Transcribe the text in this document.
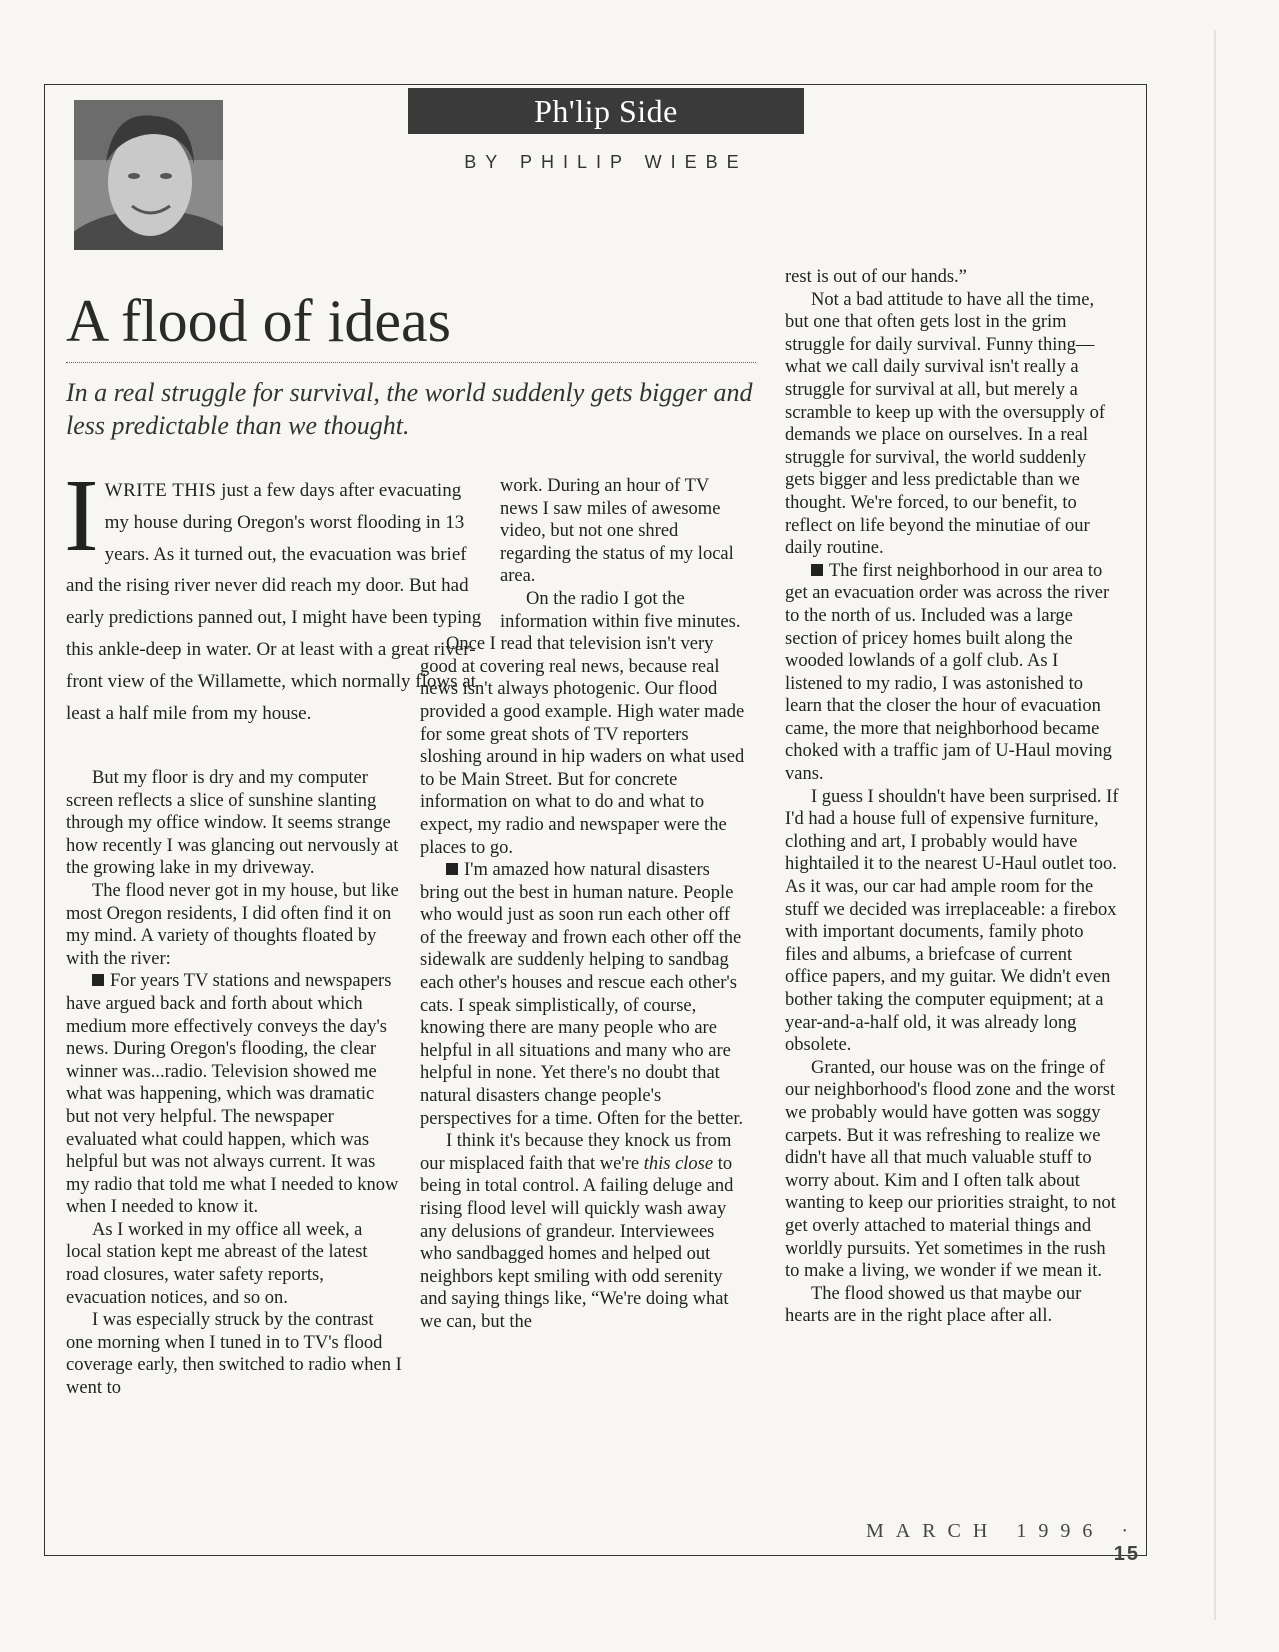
Ph'lip Side
BY PHILIP WIEBE
A flood of ideas
In a real struggle for survival, the world suddenly gets bigger and less predictable than we thought.

IWRITE THIS just a few days after evacuating my house during Oregon's worst flooding in 13 years. As it turned out, the evacuation was brief and the rising river never did reach my door. But had early predictions panned out, I might have been typing this ankle-deep in water. Or at least with a great river-front view of the Willamette, which normally flows at least a half mile from my house.

But my floor is dry and my computer screen reflects a slice of sunshine slanting through my office window. It seems strange how recently I was glancing out nervously at the growing lake in my driveway.

The flood never got in my house, but like most Oregon residents, I did often find it on my mind. A variety of thoughts floated by with the river:

For years TV stations and newspapers have argued back and forth about which medium more effectively conveys the day's news. During Oregon's flooding, the clear winner was...radio. Television showed me what was happening, which was dramatic but not very helpful. The newspaper evaluated what could happen, which was helpful but was not always current. It was my radio that told me what I needed to know when I needed to know it.

As I worked in my office all week, a local station kept me abreast of the latest road closures, water safety reports, evacuation notices, and so on.

I was especially struck by the contrast one morning when I tuned in to TV's flood coverage early, then switched to radio when I went to

work. During an hour of TV news I saw miles of awesome video, but not one shred regarding the status of my local area.

On the radio I got the information within five minutes.

Once I read that television isn't very good at covering real news, because real news isn't always photogenic. Our flood provided a good example. High water made for some great shots of TV reporters sloshing around in hip waders on what used to be Main Street. But for concrete information on what to do and what to expect, my radio and newspaper were the places to go.

I'm amazed how natural disasters bring out the best in human nature. People who would just as soon run each other off of the freeway and frown each other off the sidewalk are suddenly helping to sandbag each other's houses and rescue each other's cats. I speak simplistically, of course, knowing there are many people who are helpful in all situations and many who are helpful in none. Yet there's no doubt that natural disasters change people's perspectives for a time. Often for the better.

I think it's because they knock us from our misplaced faith that we're this close to being in total control. A failing deluge and rising flood level will quickly wash away any delusions of grandeur. Interviewees who sandbagged homes and helped out neighbors kept smiling with odd serenity and saying things like, “We're doing what we can, but the

rest is out of our hands.”

Not a bad attitude to have all the time, but one that often gets lost in the grim struggle for daily survival. Funny thing—what we call daily survival isn't really a struggle for survival at all, but merely a scramble to keep up with the oversupply of demands we place on ourselves. In a real struggle for survival, the world suddenly gets bigger and less predictable than we thought. We're forced, to our benefit, to reflect on life beyond the minutiae of our daily routine.

The first neighborhood in our area to get an evacuation order was across the river to the north of us. Included was a large section of pricey homes built along the wooded lowlands of a golf club. As I listened to my radio, I was astonished to learn that the closer the hour of evacuation came, the more that neighborhood became choked with a traffic jam of U-Haul moving vans.

I guess I shouldn't have been surprised. If I'd had a house full of expensive furniture, clothing and art, I probably would have hightailed it to the nearest U-Haul outlet too. As it was, our car had ample room for the stuff we decided was irreplaceable: a firebox with important documents, family photo files and albums, a briefcase of current office papers, and my guitar. We didn't even bother taking the computer equipment; at a year-and-a-half old, it was already long obsolete.

Granted, our house was on the fringe of our neighborhood's flood zone and the worst we probably would have gotten was soggy carpets. But it was refreshing to realize we didn't have all that much valuable stuff to worry about. Kim and I often talk about wanting to keep our priorities straight, to not get overly attached to material things and worldly pursuits. Yet sometimes in the rush to make a living, we wonder if we mean it.

The flood showed us that maybe our hearts are in the right place after all.

MARCH 1996 · 15
